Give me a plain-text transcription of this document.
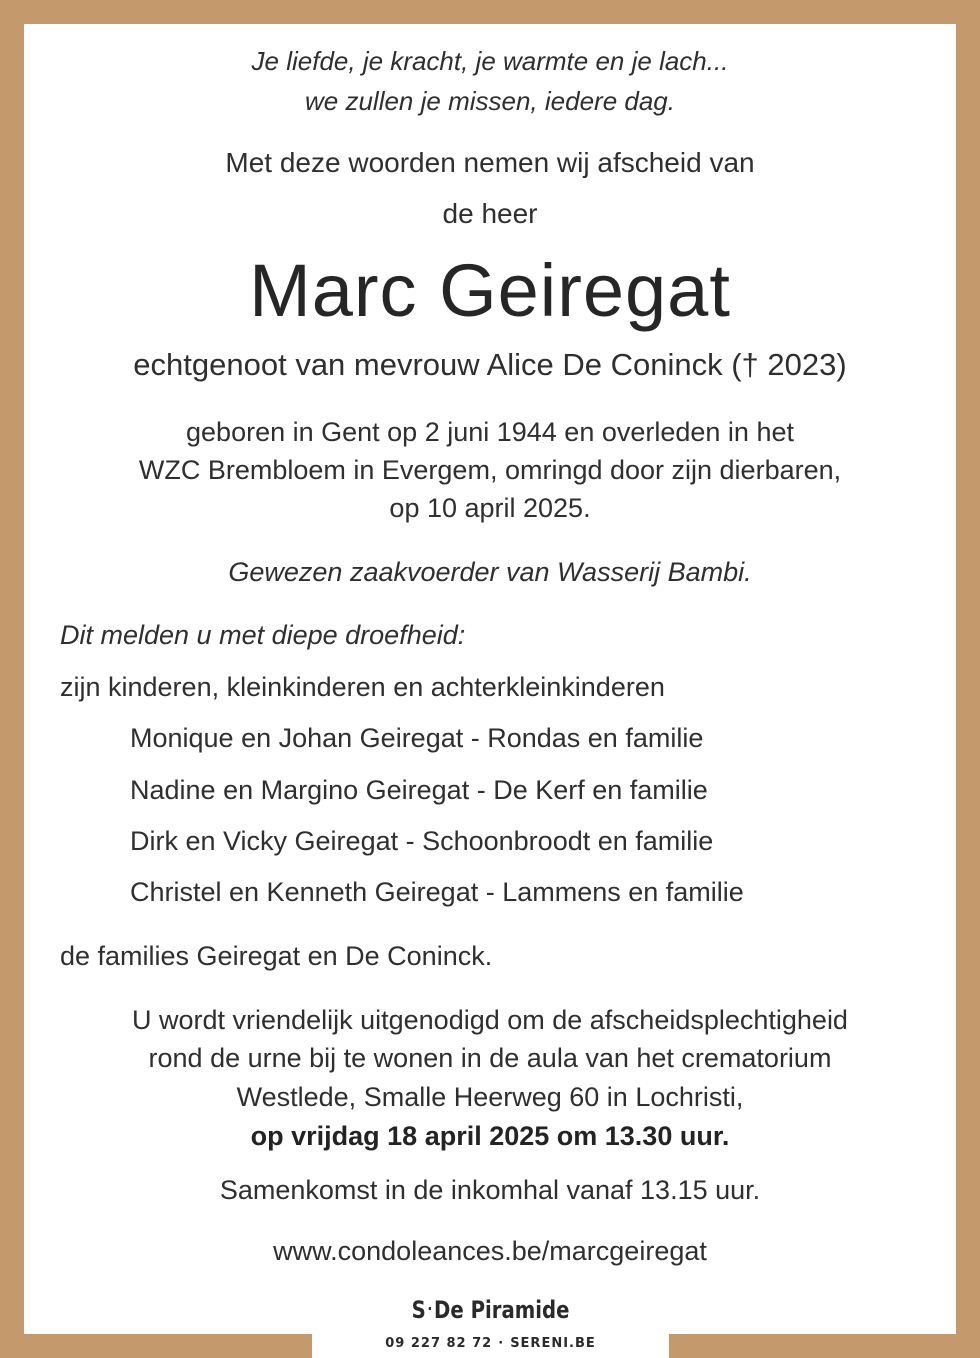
Je liefde, je kracht, je warmte en je lach...
we zullen je missen, iedere dag.
Met deze woorden nemen wij afscheid van
de heer
Marc Geiregat
echtgenoot van mevrouw Alice De Coninck († 2023)
geboren in Gent op 2 juni 1944 en overleden in het
WZC Brembloem in Evergem, omringd door zijn dierbaren,
op 10 april 2025.
Gewezen zaakvoerder van Wasserij Bambi.
Dit melden u met diepe droefheid:
zijn kinderen, kleinkinderen en achterkleinkinderen
Monique en Johan Geiregat - Rondas en familie
Nadine en Margino Geiregat - De Kerf en familie
Dirk en Vicky Geiregat - Schoonbroodt en familie
Christel en Kenneth Geiregat - Lammens en familie
de families Geiregat en De Coninck.
U wordt vriendelijk uitgenodigd om de afscheidsplechtigheid
rond de urne bij te wonen in de aula van het crematorium
Westlede, Smalle Heerweg 60 in Lochristi,
op vrijdag 18 april 2025 om 13.30 uur.
Samenkomst in de inkomhal vanaf 13.15 uur.
www.condoleances.be/marcgeiregat
S ·De Piramide
09 227 82 72 · SERENI.BE
